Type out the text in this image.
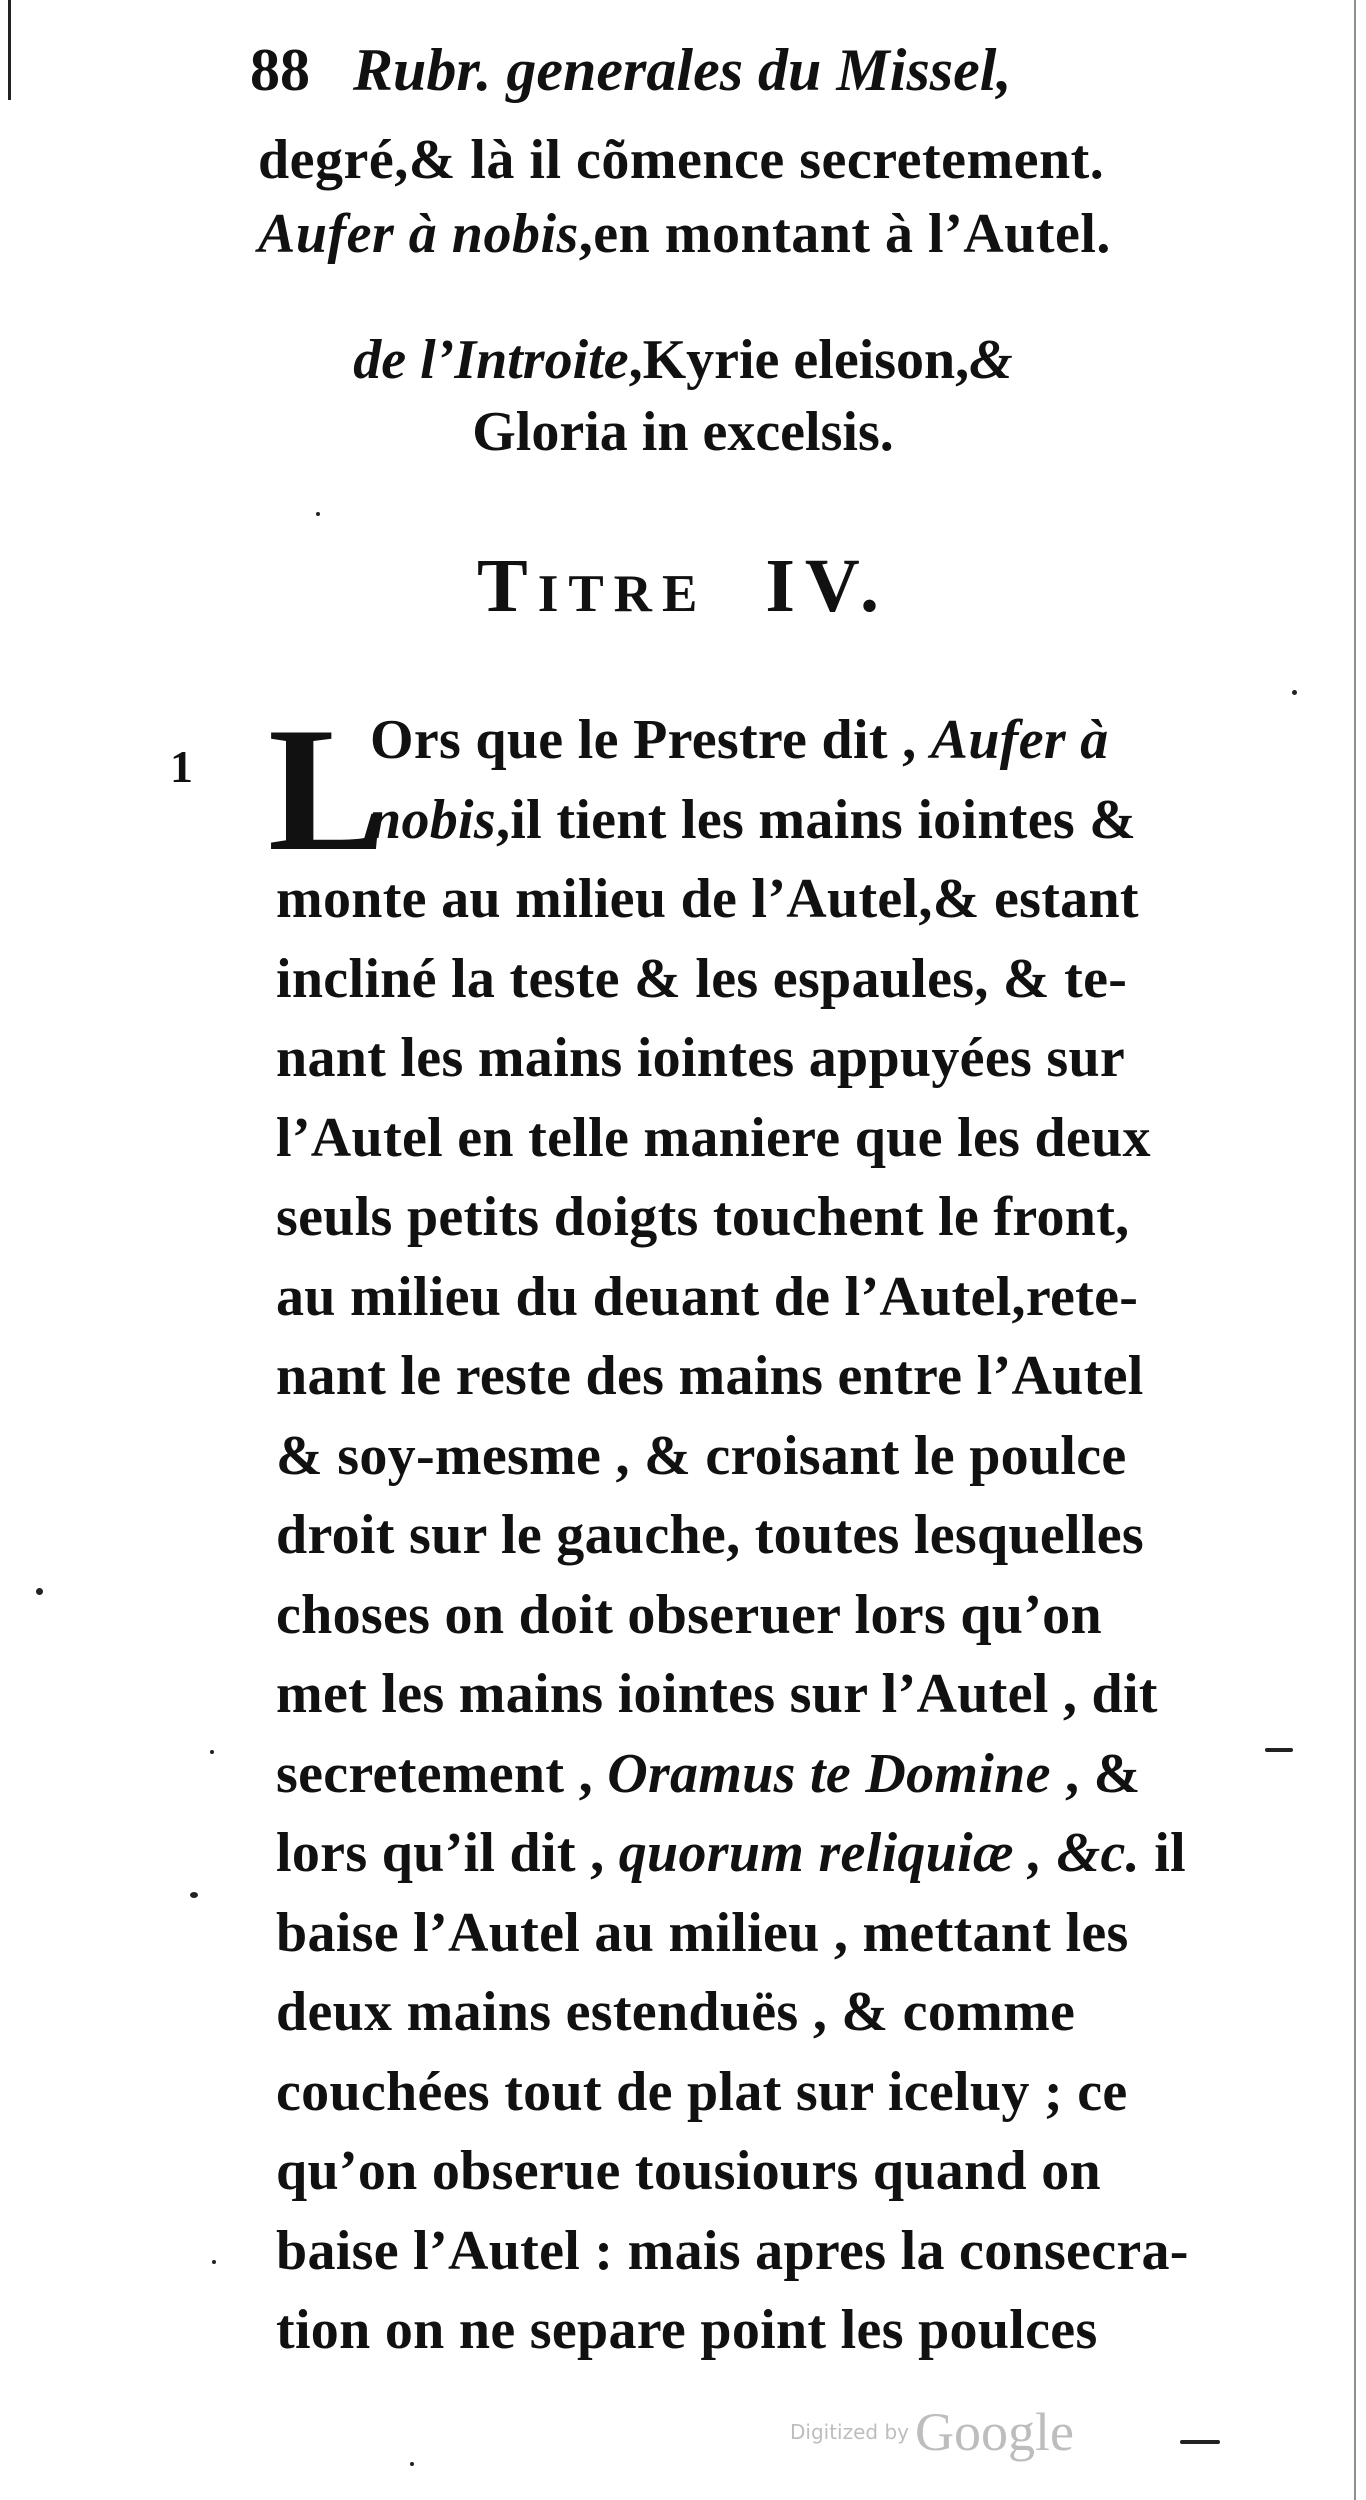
88 Rubr. generales du Missel,
degré,& là il cõmence secretement.
Aufer à nobis,en montant à l’Autel.
de l’Introite,Kyrie eleison,&
Gloria in excelsis.
Titre IV.
1 L
Ors que le Prestre dit , Aufer à
nobis,il tient les mains iointes &
monte au milieu de l’Autel,& estant
incliné la teste & les espaules, & te-
nant les mains iointes appuyées sur
l’Autel en telle maniere que les deux
seuls petits doigts touchent le front,
au milieu du deuant de l’Autel,rete-
nant le reste des mains entre l’Autel
& soy-mesme , & croisant le poulce
droit sur le gauche, toutes lesquelles
choses on doit obseruer lors qu’on
met les mains iointes sur l’Autel , dit
secretement , Oramus te Domine , &
lors qu’il dit , quorum reliquiæ , &c. il
baise l’Autel au milieu , mettant les
deux mains estenduës , & comme
couchées tout de plat sur iceluy ; ce
qu’on obserue tousiours quand on
baise l’Autel : mais apres la consecra-
tion on ne separe point les poulces
Digitized by Google
